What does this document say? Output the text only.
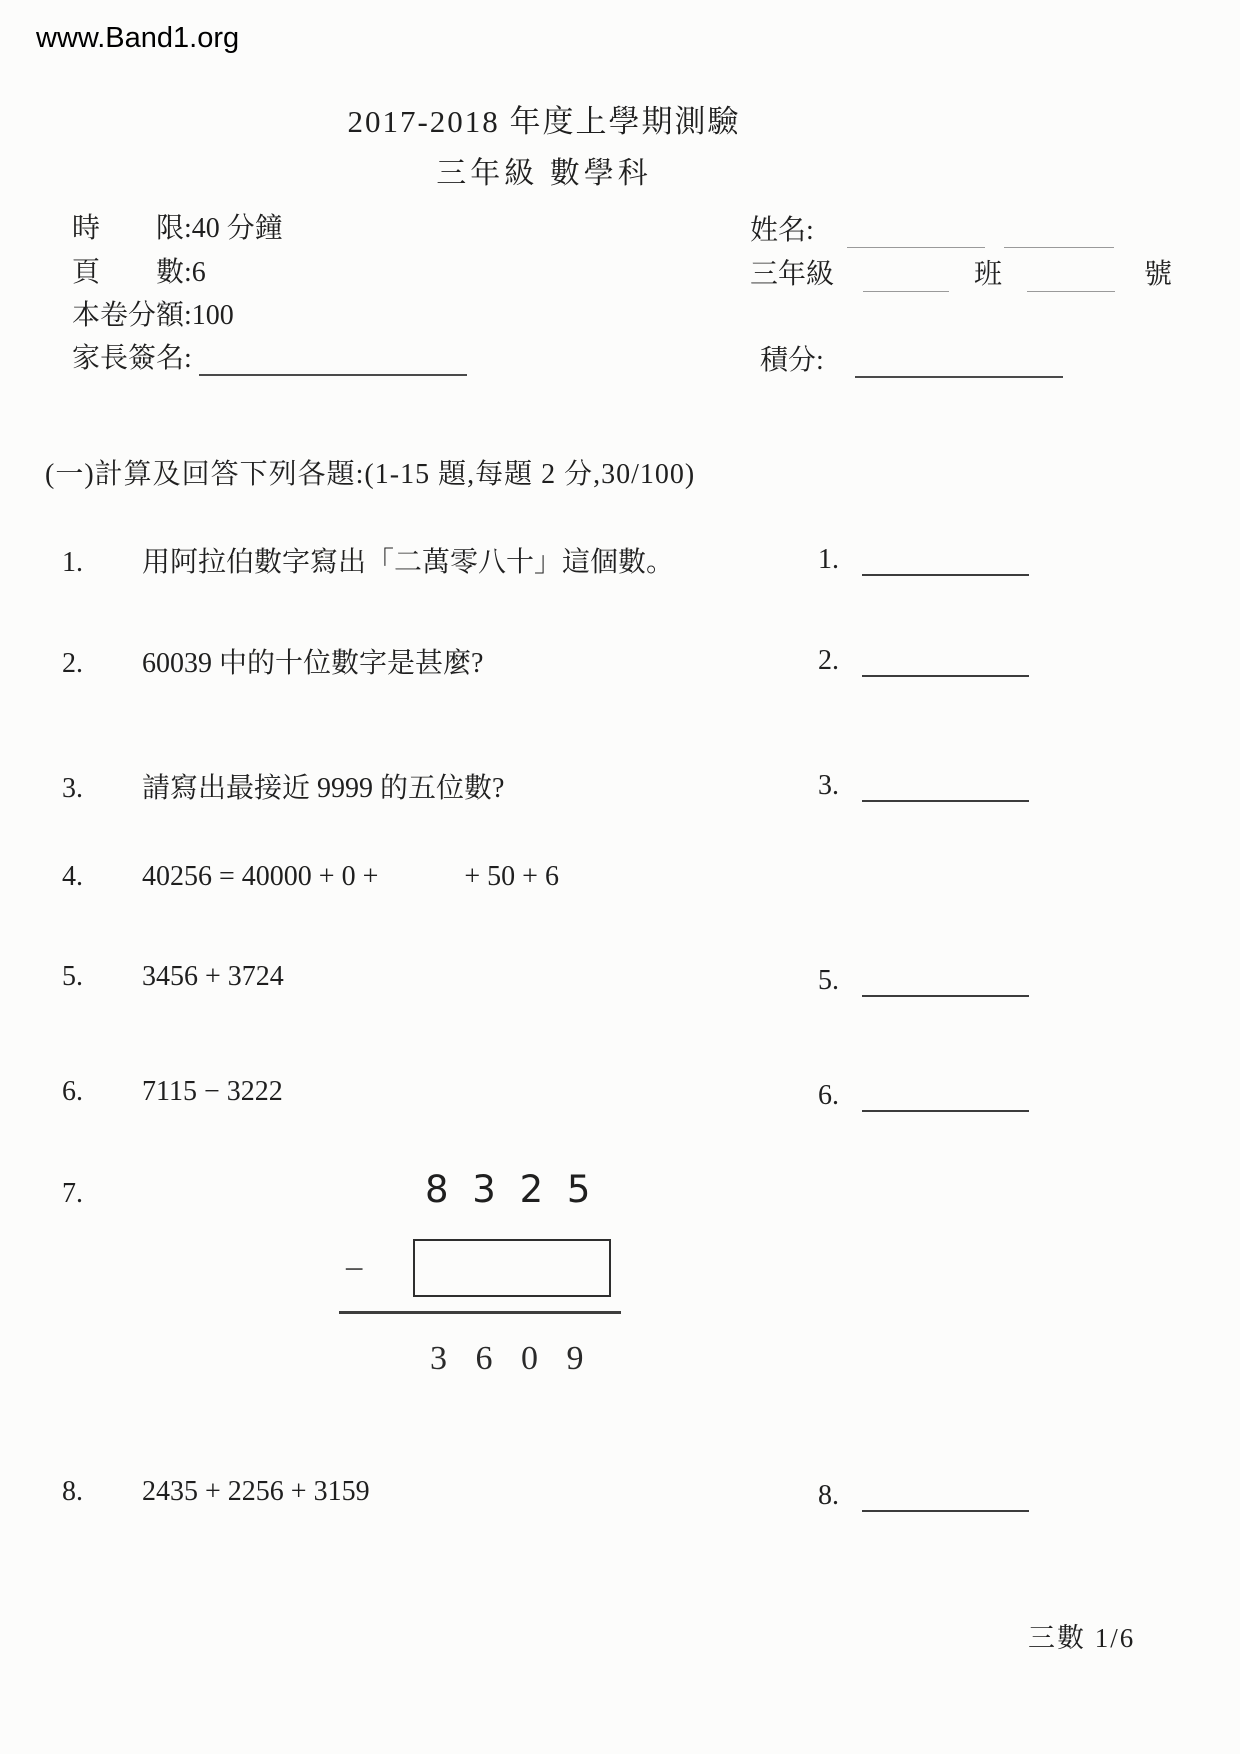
www.Band1.org
2017-2018 年度上學期測驗
三年級 數學科
時　　限:40 分鐘
頁　　數:6
本卷分額:100
家長簽名:
姓名:
三年級	班	號
積分:
(一)計算及回答下列各題:(1-15 題,每題 2 分,30/100)
1. 用阿拉伯數字寫出「二萬零八十」這個數。	1.
2. 60039 中的十位數字是甚麼?	2.
3. 請寫出最接近 9999 的五位數?	3.
4. 40256 = 40000 + 0 +	+ 50 + 6
5. 3456 + 3724	5.
6. 7115 − 3222	6.
7.	8 3 2 5
−
3 6 0 9
8. 2435 + 2256 + 3159	8.
三數 1/6
